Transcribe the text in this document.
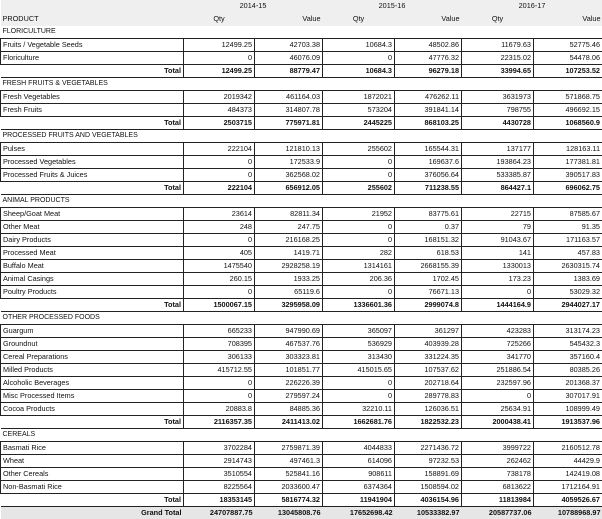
	2014-15		2015-16		2016-17	
PRODUCT	Qty	Value	Qty	Value	Qty	Value
FLORICULTURE						
Fruits / Vegetable Seeds	12499.25	42703.38	10684.3	48502.86	11679.63	52775.46
Floriculture	0	46076.09	0	47776.32	22315.02	54478.06
Total	12499.25	88779.47	10684.3	96279.18	33994.65	107253.52
FRESH FRUITS & VEGETABLES						
Fresh Vegetables	2019342	461164.03	1872021	476262.11	3631973	571868.75
Fresh Fruits	484373	314807.78	573204	391841.14	798755	496692.15
Total	2503715	775971.81	2445225	868103.25	4430728	1068560.9
PROCESSED FRUITS AND VEGETABLES						
Pulses	222104	121810.13	255602	165544.31	137177	128163.11
Processed Vegetables	0	172533.9	0	169637.6	193864.23	177381.81
Processed Fruits & Juices	0	362568.02	0	376056.64	533385.87	390517.83
Total	222104	656912.05	255602	711238.55	864427.1	696062.75
ANIMAL PRODUCTS						
Sheep/Goat Meat	23614	82811.34	21952	83775.61	22715	87585.67
Other Meat	248	247.75	0	0.37	79	91.35
Dairy Products	0	216168.25	0	168151.32	91043.67	171163.57
Processed Meat	405	1419.71	282	618.53	141	457.83
Buffalo Meat	1475540	2928258.19	1314161	2668155.39	1330013	2630315.74
Animal Casings	260.15	1933.25	206.36	1702.45	173.23	1383.69
Poultry Products	0	65119.6	0	76671.13	0	53029.32
Total	1500067.15	3295958.09	1336601.36	2999074.8	1444164.9	2944027.17
OTHER PROCESSED FOODS						
Guargum	665233	947990.69	365097	361297	423283	313174.23
Groundnut	708395	467537.76	536929	403939.28	725266	545432.3
Cereal Preparations	306133	303323.81	313430	331224.35	341770	357160.4
Milled Products	415712.55	101851.77	415015.65	107537.62	251886.54	80385.26
Alcoholic Beverages	0	226226.39	0	202718.64	232597.96	201368.37
Misc Processed Items	0	279597.24	0	289778.83	0	307017.91
Cocoa Products	20883.8	84885.36	32210.11	126036.51	25634.91	108999.49
Total	2116357.35	2411413.02	1662681.76	1822532.23	2000438.41	1913537.96
CEREALS						
Basmati Rice	3702284	2759871.39	4044833	2271436.72	3999722	2160512.78
Wheat	2914743	497461.3	614096	97232.53	262462	44429.9
Other Cereals	3510554	525841.16	908611	158891.69	738178	142419.08
Non-Basmati Rice	8225564	2033600.47	6374364	1508594.02	6813622	1712164.91
Total	18353145	5816774.32	11941904	4036154.96	11813984	4059526.67
Grand Total	24707887.75	13045808.76	17652698.42	10533382.97	20587737.06	10788968.97
